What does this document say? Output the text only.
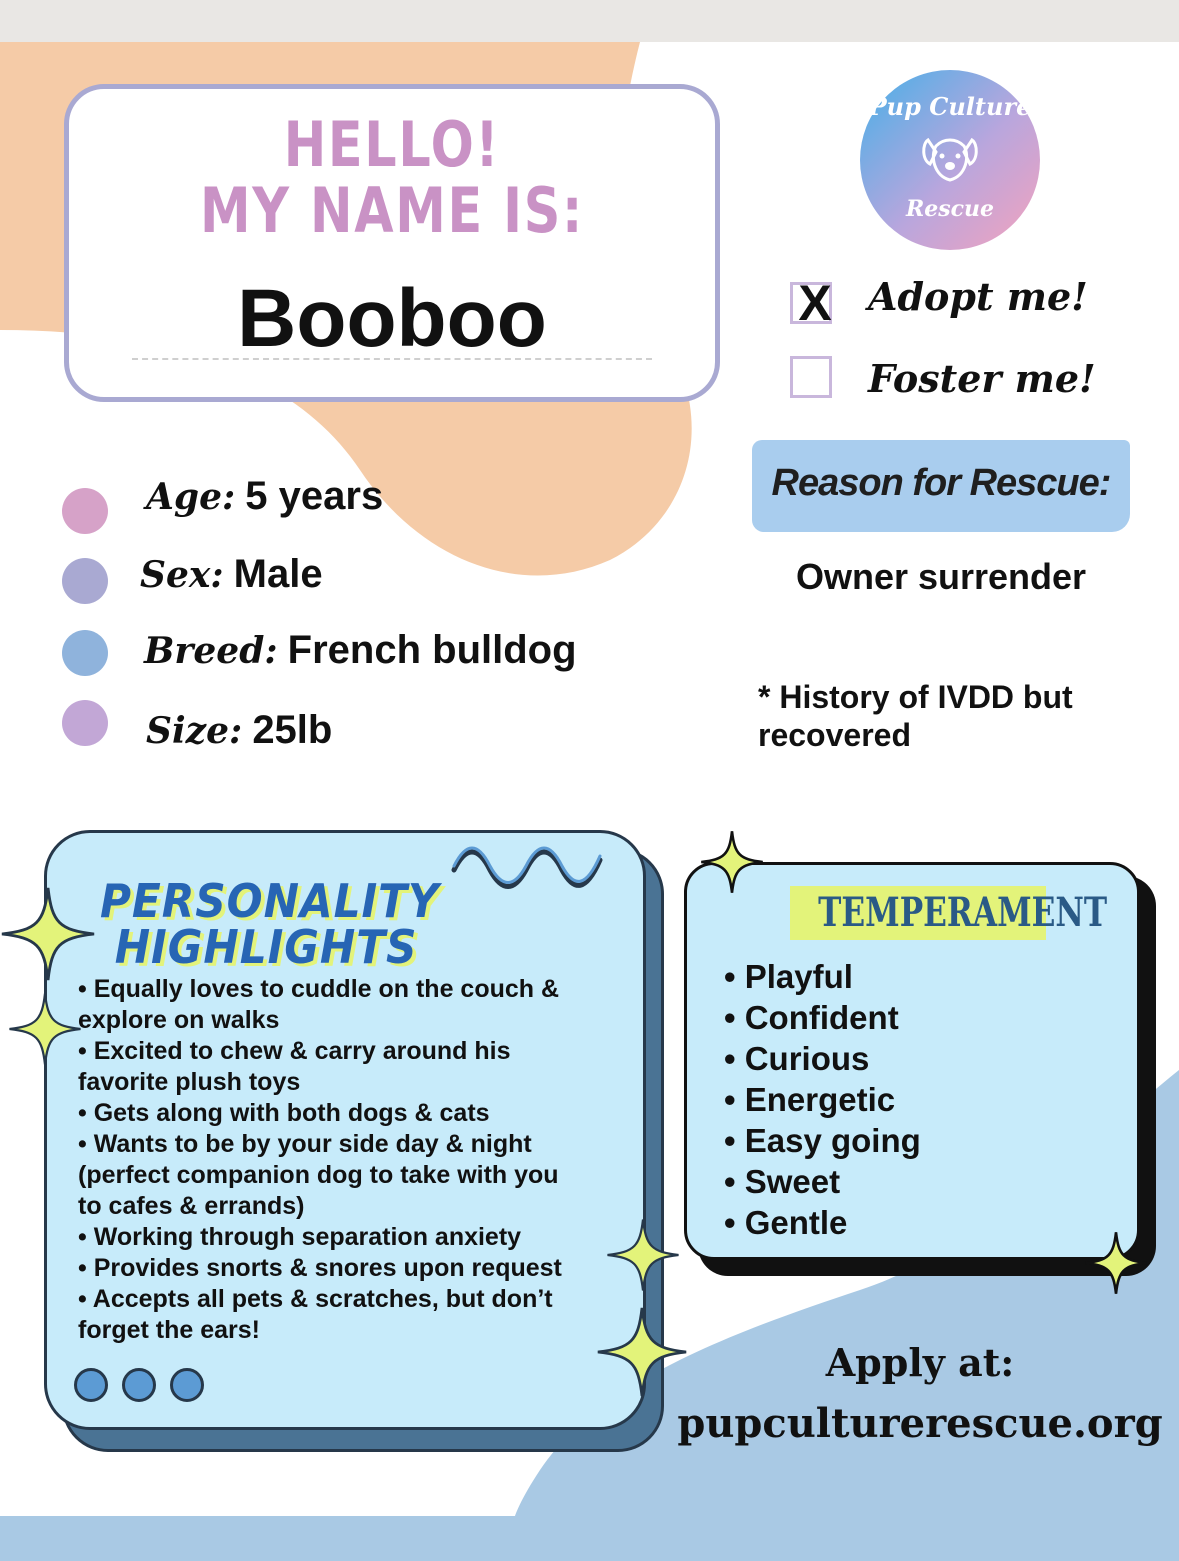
HELLO!
MY NAME IS:
Booboo
Pup Culture
Rescue
X Adopt me!
Foster me!
Reason for Rescue:
Owner surrender
* History of IVDD but
recovered
Age: 5 years
Sex: Male
Breed: French bulldog
Size: 25lb
PERSONALITY
HIGHLIGHTS
• Equally loves to cuddle on the couch &
explore on walks
• Excited to chew & carry around his
favorite plush toys
• Gets along with both dogs & cats
• Wants to be by your side day & night
(perfect companion dog to take with you
to cafes & errands)
• Working through separation anxiety
• Provides snorts & snores upon request
• Accepts all pets & scratches, but don’t
forget the ears!
TEMPERAMENT
• Playful
• Confident
• Curious
• Energetic
• Easy going
• Sweet
• Gentle
Apply at:
pupculturerescue.org
